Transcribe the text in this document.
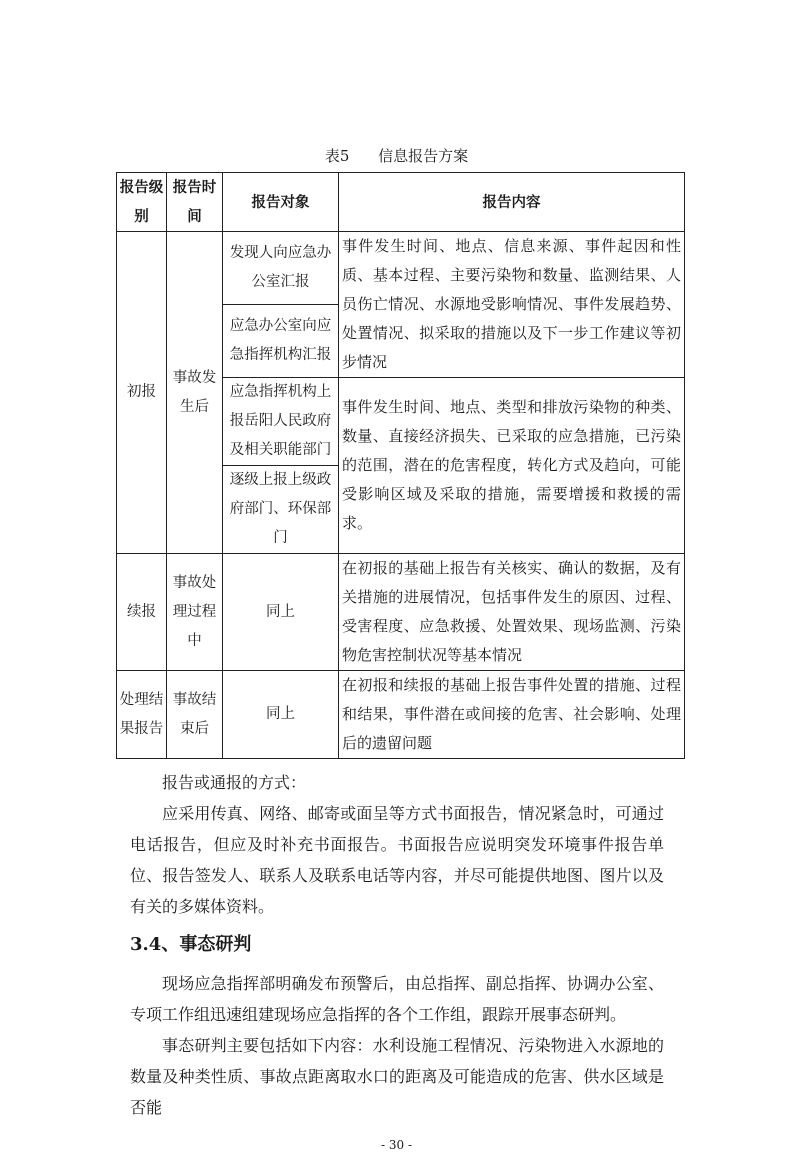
表5 信息报告方案
报告级别	报告时间	报告对象	报告内容
初报	事故发生后	发现人向应急办公室汇报	事件发生时间、地点、信息来源、事件起因和性质、基本过程、主要污染物和数量、监测结果、人员伤亡情况、水源地受影响情况、事件发展趋势、处置情况、拟采取的措施以及下一步工作建议等初步情况
		应急办公室向应急指挥机构汇报	
		应急指挥机构上报岳阳人民政府及相关职能部门	事件发生时间、地点、类型和排放污染物的种类、数量、直接经济损失、已采取的应急措施，已污染的范围，潜在的危害程度，转化方式及趋向，可能受影响区域及采取的措施，需要增援和救援的需求。
		逐级上报上级政府部门、环保部门	
续报	事故处理过程中	同上	在初报的基础上报告有关核实、确认的数据，及有关措施的进展情况，包括事件发生的原因、过程、受害程度、应急救援、处置效果、现场监测、污染物危害控制状况等基本情况
处理结果报告	事故结束后	同上	在初报和续报的基础上报告事件处置的措施、过程和结果，事件潜在或间接的危害、社会影响、处理后的遗留问题

报告或通报的方式：

应采用传真、网络、邮寄或面呈等方式书面报告，情况紧急时，可通过电话报告，但应及时补充书面报告。书面报告应说明突发环境事件报告单位、报告签发人、联系人及联系电话等内容，并尽可能提供地图、图片以及有关的多媒体资料。

3.4、事态研判

现场应急指挥部明确发布预警后，由总指挥、副总指挥、协调办公室、专项工作组迅速组建现场应急指挥的各个工作组，跟踪开展事态研判。

事态研判主要包括如下内容：水利设施工程情况、污染物进入水源地的数量及种类性质、事故点距离取水口的距离及可能造成的危害、供水区域是否能

- 30 -
